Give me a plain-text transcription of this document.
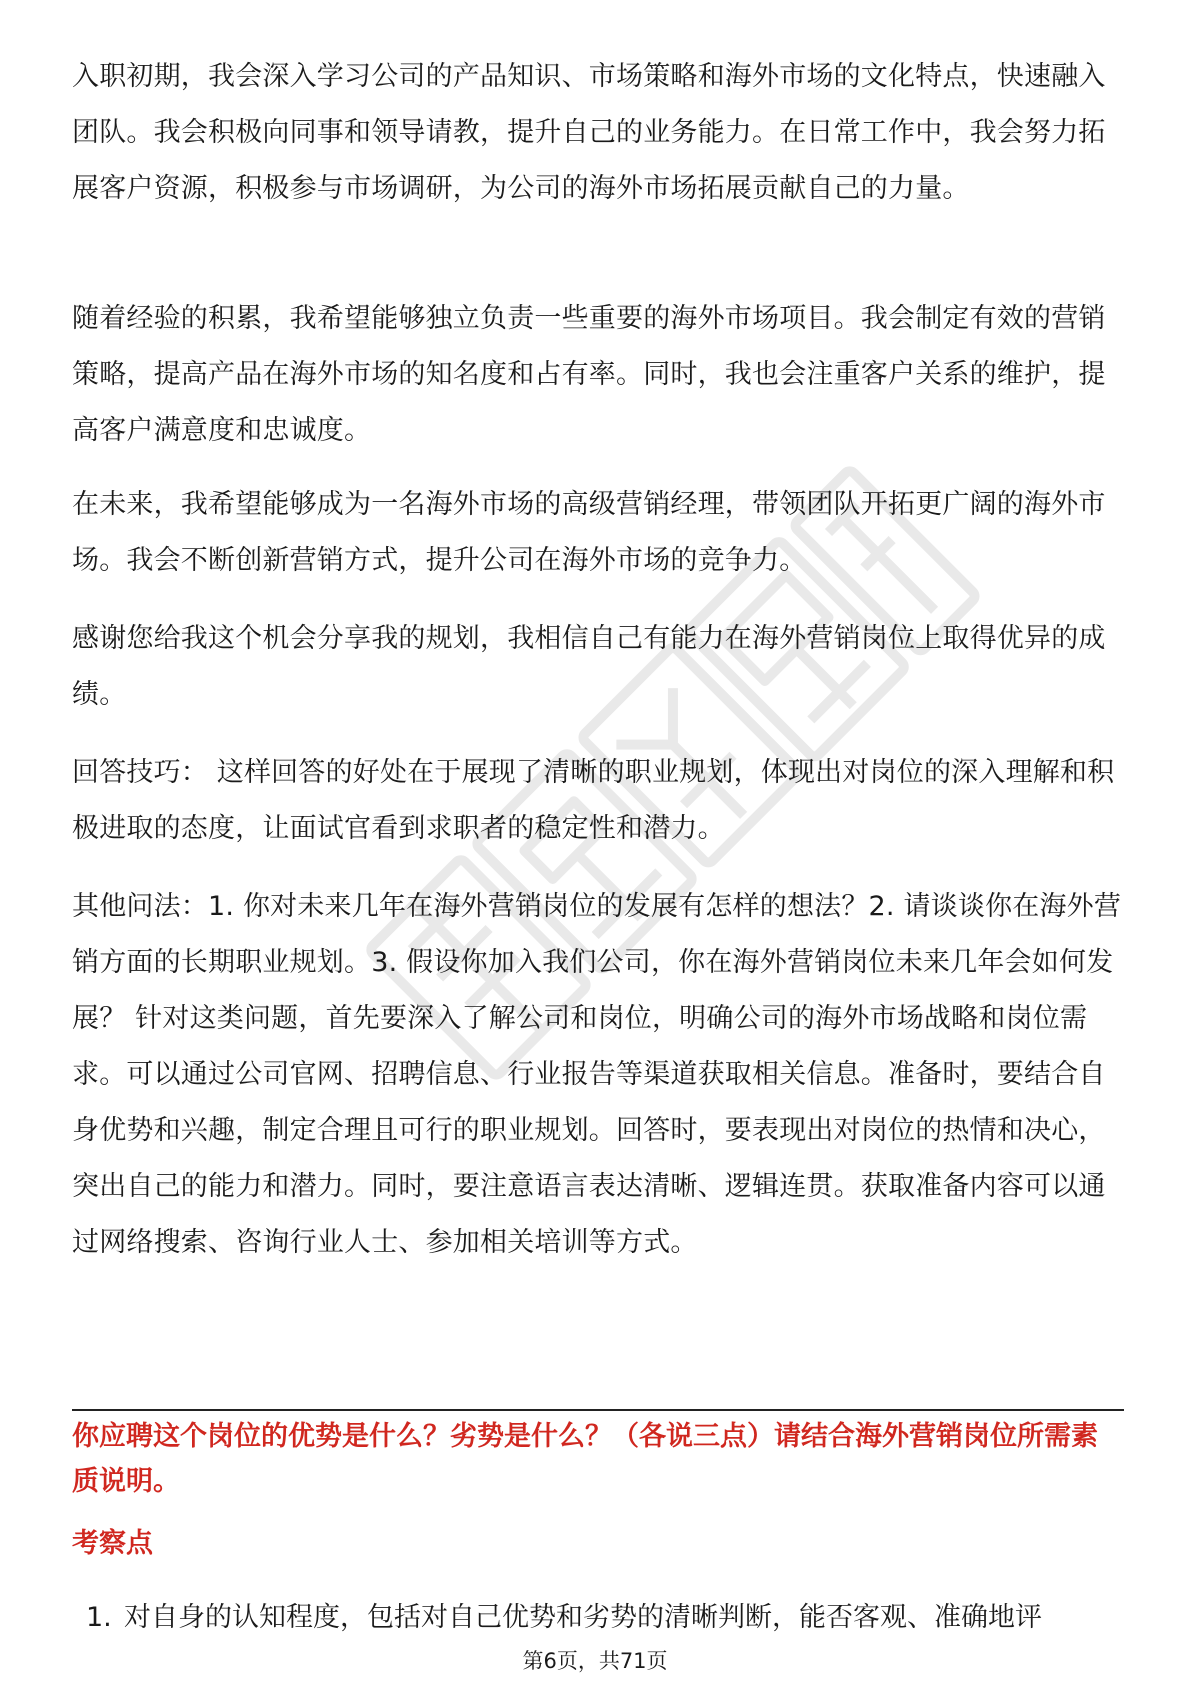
入职初期，我会深入学习公司的产品知识、市场策略和海外市场的文化特点，快速融入团队。我会积极向同事和领导请教，提升自己的业务能力。在日常工作中，我会努力拓展客户资源，积极参与市场调研，为公司的海外市场拓展贡献自己的力量。

随着经验的积累，我希望能够独立负责一些重要的海外市场项目。我会制定有效的营销策略，提高产品在海外市场的知名度和占有率。同时，我也会注重客户关系的维护，提高客户满意度和忠诚度。

在未来，我希望能够成为一名海外市场的高级营销经理，带领团队开拓更广阔的海外市场。我会不断创新营销方式，提升公司在海外市场的竞争力。

感谢您给我这个机会分享我的规划，我相信自己有能力在海外营销岗位上取得优异的成绩。

回答技巧： 这样回答的好处在于展现了清晰的职业规划，体现出对岗位的深入理解和积极进取的态度，让面试官看到求职者的稳定性和潜力。

其他问法：1. 你对未来几年在海外营销岗位的发展有怎样的想法？2. 请谈谈你在海外营销方面的长期职业规划。3. 假设你加入我们公司，你在海外营销岗位未来几年会如何发展？ 针对这类问题，首先要深入了解公司和岗位，明确公司的海外市场战略和岗位需求。可以通过公司官网、招聘信息、行业报告等渠道获取相关信息。准备时，要结合自身优势和兴趣，制定合理且可行的职业规划。回答时，要表现出对岗位的热情和决心，突出自己的能力和潜力。同时，要注意语言表达清晰、逻辑连贯。获取准备内容可以通过网络搜索、咨询行业人士、参加相关培训等方式。

你应聘这个岗位的优势是什么？劣势是什么？（各说三点）请结合海外营销岗位所需素质说明。

考察点

1. 对自身的认知程度，包括对自己优势和劣势的清晰判断，能否客观、准确地评

第6页，共71页
